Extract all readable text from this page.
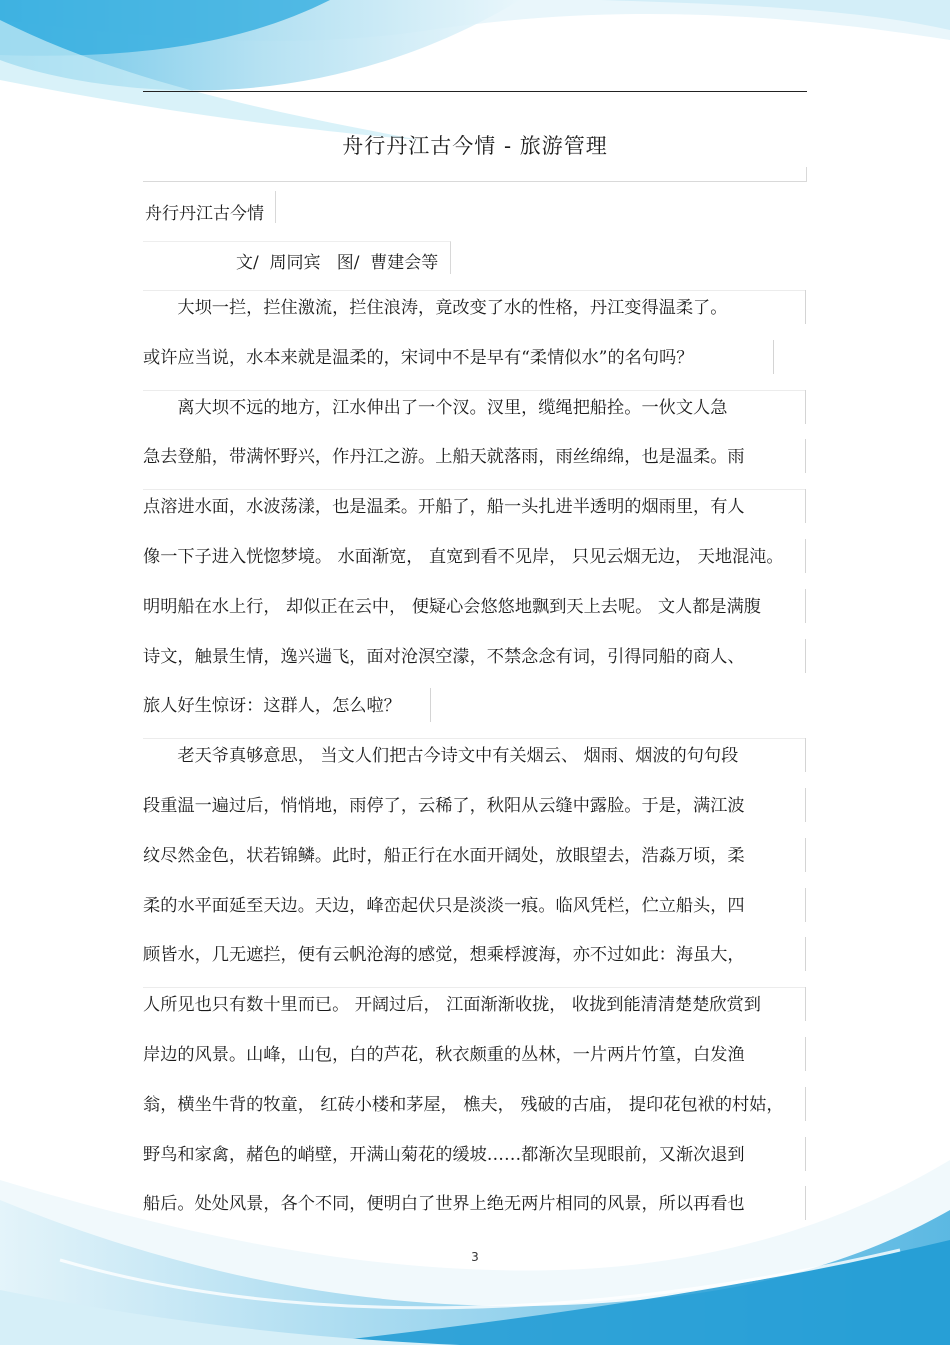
舟行丹江古今情 - 旅游管理
舟行丹江古今情
文/  周同宾   图/  曹建会等
　　大坝一拦，拦住激流，拦住浪涛，竟改变了水的性格，丹江变得温柔了。
或许应当说，水本来就是温柔的，宋词中不是早有“柔情似水”的名句吗？
　　离大坝不远的地方，江水伸出了一个汊。汊里，缆绳把船拴。一伙文人急
急去登船，带满怀野兴，作丹江之游。上船天就落雨，雨丝绵绵，也是温柔。雨
点溶进水面，水波荡漾，也是温柔。开船了，船一头扎进半透明的烟雨里，有人
像一下子进入恍惚梦境。 水面渐宽， 直宽到看不见岸， 只见云烟无边， 天地混沌。
明明船在水上行， 却似正在云中， 便疑心会悠悠地飘到天上去呢。 文人都是满腹
诗文，触景生情，逸兴遄飞，面对沧溟空濛，不禁念念有词，引得同船的商人、
旅人好生惊讶：这群人，怎么啦？
　　老天爷真够意思， 当文人们把古今诗文中有关烟云、 烟雨、烟波的句句段
段重温一遍过后，悄悄地，雨停了，云稀了，秋阳从云缝中露脸。于是，满江波
纹尽然金色，状若锦鳞。此时，船正行在水面开阔处，放眼望去，浩淼万顷，柔
柔的水平面延至天边。天边，峰峦起伏只是淡淡一痕。临风凭栏，伫立船头，四
顾皆水，几无遮拦，便有云帆沧海的感觉，想乘桴渡海，亦不过如此：海虽大，
人所见也只有数十里而已。 开阔过后， 江面渐渐收拢， 收拢到能清清楚楚欣赏到
岸边的风景。山峰，山包，白的芦花，秋衣颇重的丛林，一片两片竹篁，白发渔
翁，横坐牛背的牧童， 红砖小楼和茅屋， 樵夫， 残破的古庙， 提印花包袱的村姑，
野鸟和家禽，赭色的峭壁，开满山菊花的缓坡……都渐次呈现眼前，又渐次退到
船后。处处风景，各个不同，便明白了世界上绝无两片相同的风景，所以再看也
3
